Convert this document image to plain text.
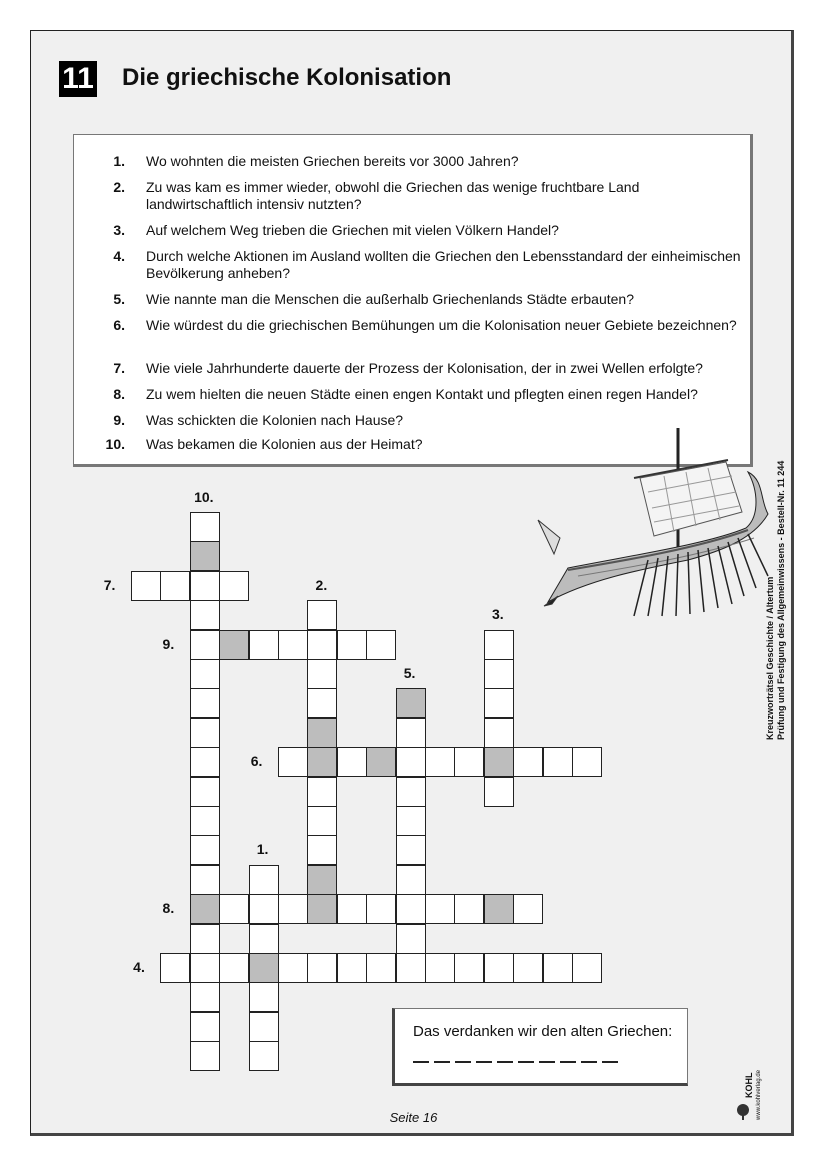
11 Die griechische Kolonisation
1. Wo wohnten die meisten Griechen bereits vor 3000 Jahren?
2. Zu was kam es immer wieder, obwohl die Griechen das wenige fruchtbare Land landwirtschaftlich intensiv nutzten?
3. Auf welchem Weg trieben die Griechen mit vielen Völkern Handel?
4. Durch welche Aktionen im Ausland wollten die Griechen den Lebensstandard der einheimischen Bevölkerung anheben?
5. Wie nannte man die Menschen die außerhalb Griechenlands Städte erbauten?
6. Wie würdest du die griechischen Bemühungen um die Kolonisation neuer Gebiete bezeichnen?
7. Wie viele Jahrhunderte dauerte der Prozess der Kolonisation, der in zwei Wellen erfolgte?
8. Zu wem hielten die neuen Städte einen engen Kontakt und pflegten einen regen Handel?
9. Was schickten die Kolonien nach Hause?
10. Was bekamen die Kolonien aus der Heimat?
1.
2.
3.
4.
5.
6.
7.
8.
9.
10.
Das verdanken wir den alten Griechen:
Seite 16
Kreuzworträtsel Geschichte / Altertum Prüfung und Festigung des Allgemeinwissens - Bestell-Nr. 11 244
KOHL www.kohlverlag.de
